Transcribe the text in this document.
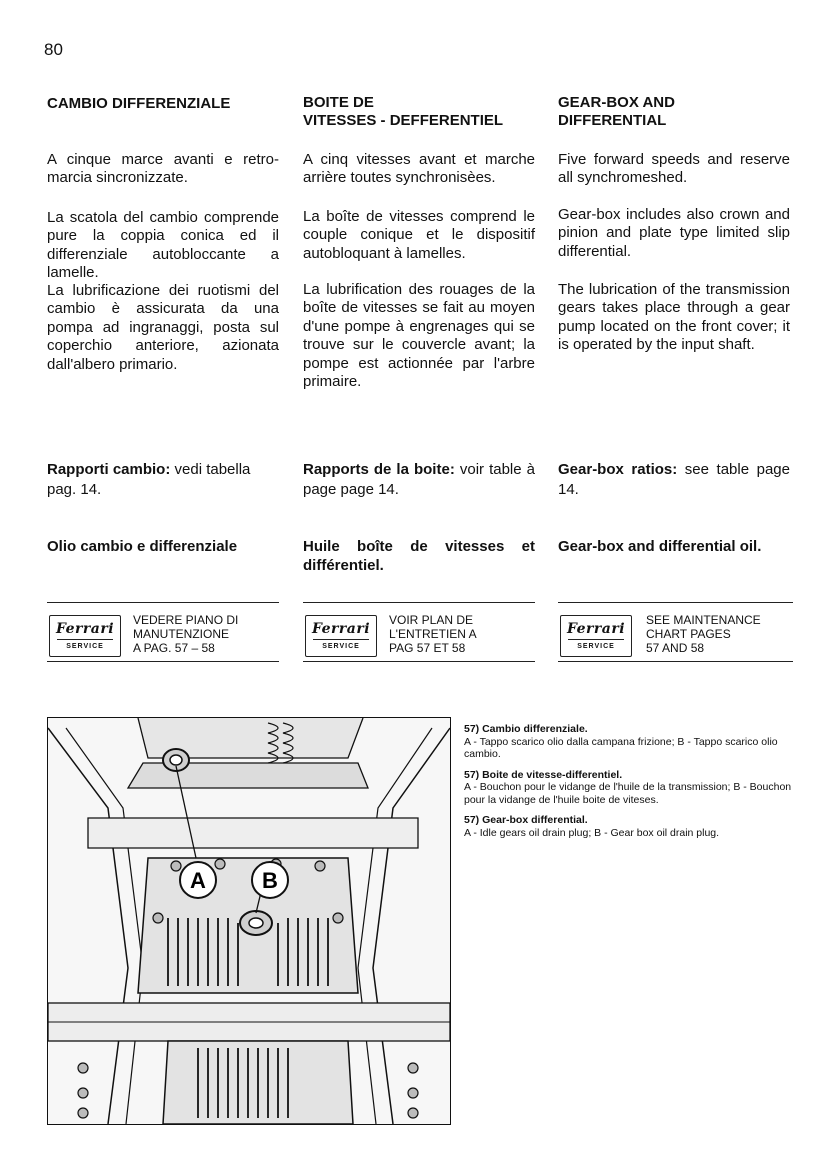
80

CAMBIO DIFFERENZIALE

A cinque marce avanti e retro-marcia sincronizzate.

La scatola del cambio comprende pure la coppia conica ed il differenziale autobloccante a lamelle.

La lubrificazione dei ruotismi del cambio è assicurata da una pompa ad ingranaggi, posta sul coperchio anteriore, azionata dall'albero primario.

BOITE DE
VITESSES - DEFFERENTIEL

A cinq vitesses avant et marche arrière toutes synchronisèes.

La boîte de vitesses comprend le couple conique et le dispositif autobloquant à lamelles.

La lubrification des rouages de la boîte de vitesses se fait au moyen d'une pompe à engrenages qui se trouve sur le couvercle avant; la pompe est actionnée par l'arbre primaire.

GEAR-BOX AND
DIFFERENTIAL

Five forward speeds and reserve all synchromeshed.

Gear-box includes also crown and pinion and plate type limited slip differential.

The lubrication of the transmission gears takes place through a gear pump located on the front cover; it is operated by the input shaft.

Rapporti cambio: vedi tabella pag. 14.

Rapports de la boite: voir table à page page 14.

Gear-box ratios: see table page 14.

Olio cambio e differenziale	Huile boîte de vitesses et différentiel.

Gear-box and differential oil.

Ferrari
SERVICE
VEDERE PIANO DI
MANUTENZIONE
A PAG. 57 – 58
Ferrari
SERVICE
VOIR PLAN DE
L'ENTRETIEN A
PAG 57 ET 58
Ferrari
SERVICE
SEE MAINTENANCE
CHART PAGES
57 AND 58
A	B

57) Cambio differenziale.

A - Tappo scarico olio dalla campana frizione; B - Tappo scarico olio cambio.

57) Boite de vitesse-differentiel.

A - Bouchon pour le vidange de l'huile de la transmission; B - Bouchon pour la vidange de l'huile boite de viteses.

57) Gear-box differential.

A - Idle gears oil drain plug; B - Gear box oil drain plug.
